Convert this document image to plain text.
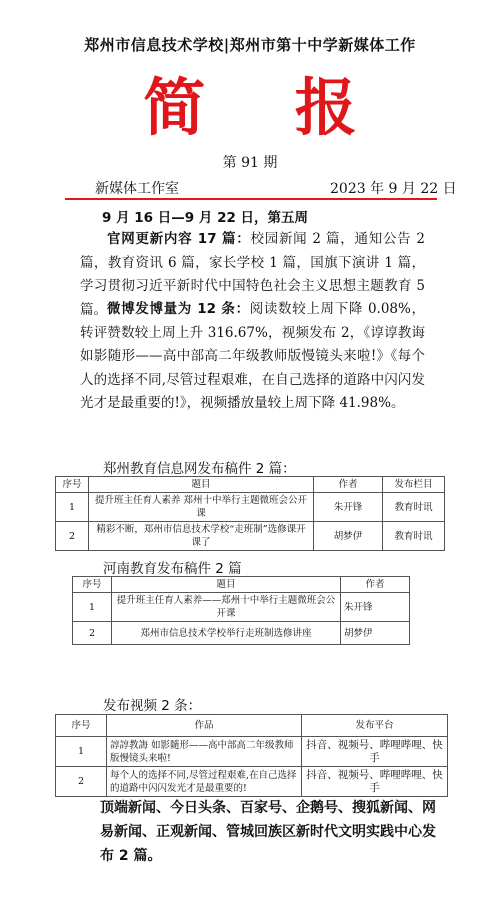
郑州市信息技术学校|郑州市第十中学新媒体工作
简 报
第 91 期
新媒体工作室	2023 年 9 月 22 日
9 月 16 日—9 月 22 日，第五周
官网更新内容 17 篇：校园新闻 2 篇，通知公告 2 篇，教育资讯 6 篇，家长学校 1 篇，国旗下演讲 1 篇，学习贯彻习近平新时代中国特色社会主义思想主题教育 5 篇。 微博发博量为 12 条：阅读数较上周下降 0.08%，转评赞数较上周上升 316.67%，视频发布 2，《谆谆教诲 如影随形——高中部高二年级教师版慢镜头来啦!》《每个人的选择不同,尽管过程艰难，在自己选择的道路中闪闪发光才是最重要的!》，视频播放量较上周下降 41.98%。
郑州教育信息网发布稿件 2 篇：
序号	题目	作者	发布栏目
1	提升班主任育人素养 郑州十中举行主题微班会公开课	朱开锋	教育时讯
2	精彩不断，郑州市信息技术学校“走班制”选修课开课了	胡梦伊	教育时讯
河南教育发布稿件 2 篇
序号	题目	作者
1	提升班主任育人素养——郑州十中举行主题微班会公开课	朱开锋
2	郑州市信息技术学校举行走班制选修讲座	胡梦伊
发布视频 2 条：
序号	作品	发布平台
1	諄諄教誨 如影隨形——高中部高二年级教师版慢镜头来啦!	抖音、视频号、哔哩哔哩、快手
2	每个人的选择不同,尽管过程艰难,在自己选择的道路中闪闪发光才是最重要的!	抖音、视频号、哔哩哔哩、快手
顶端新闻、今日头条、百家号、企鹅号、搜狐新闻、网易新闻、正观新闻、管城回族区新时代文明实践中心发布 2 篇。
